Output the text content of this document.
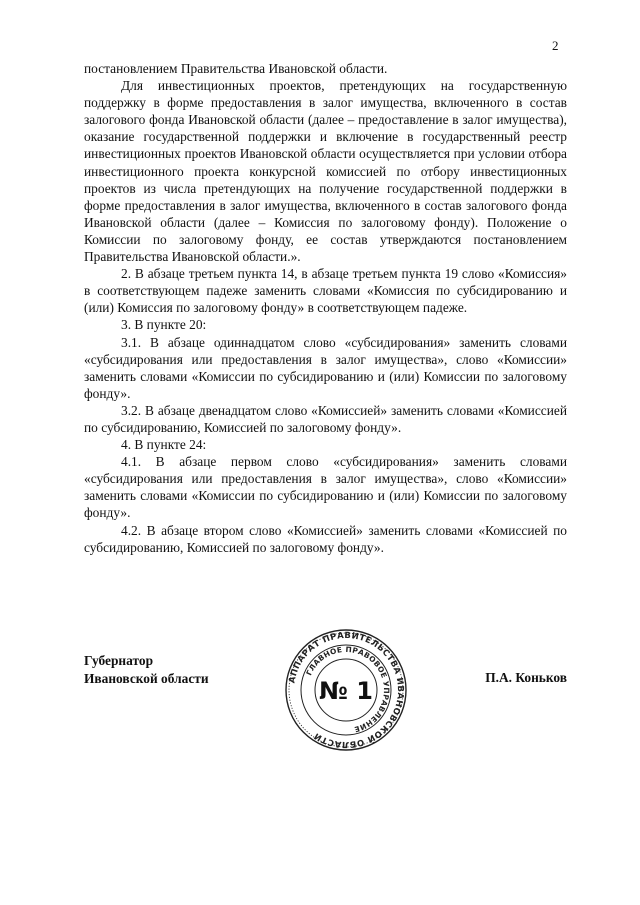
2

постановлением Правительства Ивановской области.

Для инвестиционных проектов, претендующих на государственную поддержку в форме предоставления в залог имущества, включенного в состав залогового фонда Ивановской области (далее – предоставление в залог имущества), оказание государственной поддержки и включение в государственный реестр инвестиционных проектов Ивановской области осуществляется при условии отбора инвестиционного проекта конкурсной комиссией по отбору инвестиционных проектов из числа претендующих на получение государственной поддержки в форме предоставления в залог имущества, включенного в состав залогового фонда Ивановской области (далее – Комиссия по залоговому фонду). Положение о Комиссии по залоговому фонду, ее состав утверждаются постановлением Правительства Ивановской области.».

2. В абзаце третьем пункта 14, в абзаце третьем пункта 19 слово «Комиссия» в соответствующем падеже заменить словами «Комиссия по субсидированию и (или) Комиссия по залоговому фонду» в соответствующем падеже.

3. В пункте 20:

3.1. В абзаце одиннадцатом слово «субсидирования» заменить словами «субсидирования или предоставления в залог имущества», слово «Комиссии» заменить словами «Комиссии по субсидированию и (или) Комиссии по залоговому фонду».

3.2. В абзаце двенадцатом слово «Комиссией» заменить словами «Комиссией по субсидированию, Комиссией по залоговому фонду».

4. В пункте 24:

4.1. В абзаце первом слово «субсидирования» заменить словами «субсидирования или предоставления в залог имущества», слово «Комиссии» заменить словами «Комиссии по субсидированию и (или) Комиссии по залоговому фонду».

4.2. В абзаце втором слово «Комиссией» заменить словами «Комиссией по субсидированию, Комиссией по залоговому фонду».

Губернатор
Ивановской области	П.А. Коньков
АППАРАТ ПРАВИТЕЛЬСТВА ИВАНОВСКОЙ ОБЛАСТИ
ГЛАВНОЕ ПРАВОВОЕ УПРАВЛЕНИЕ
№ 1
